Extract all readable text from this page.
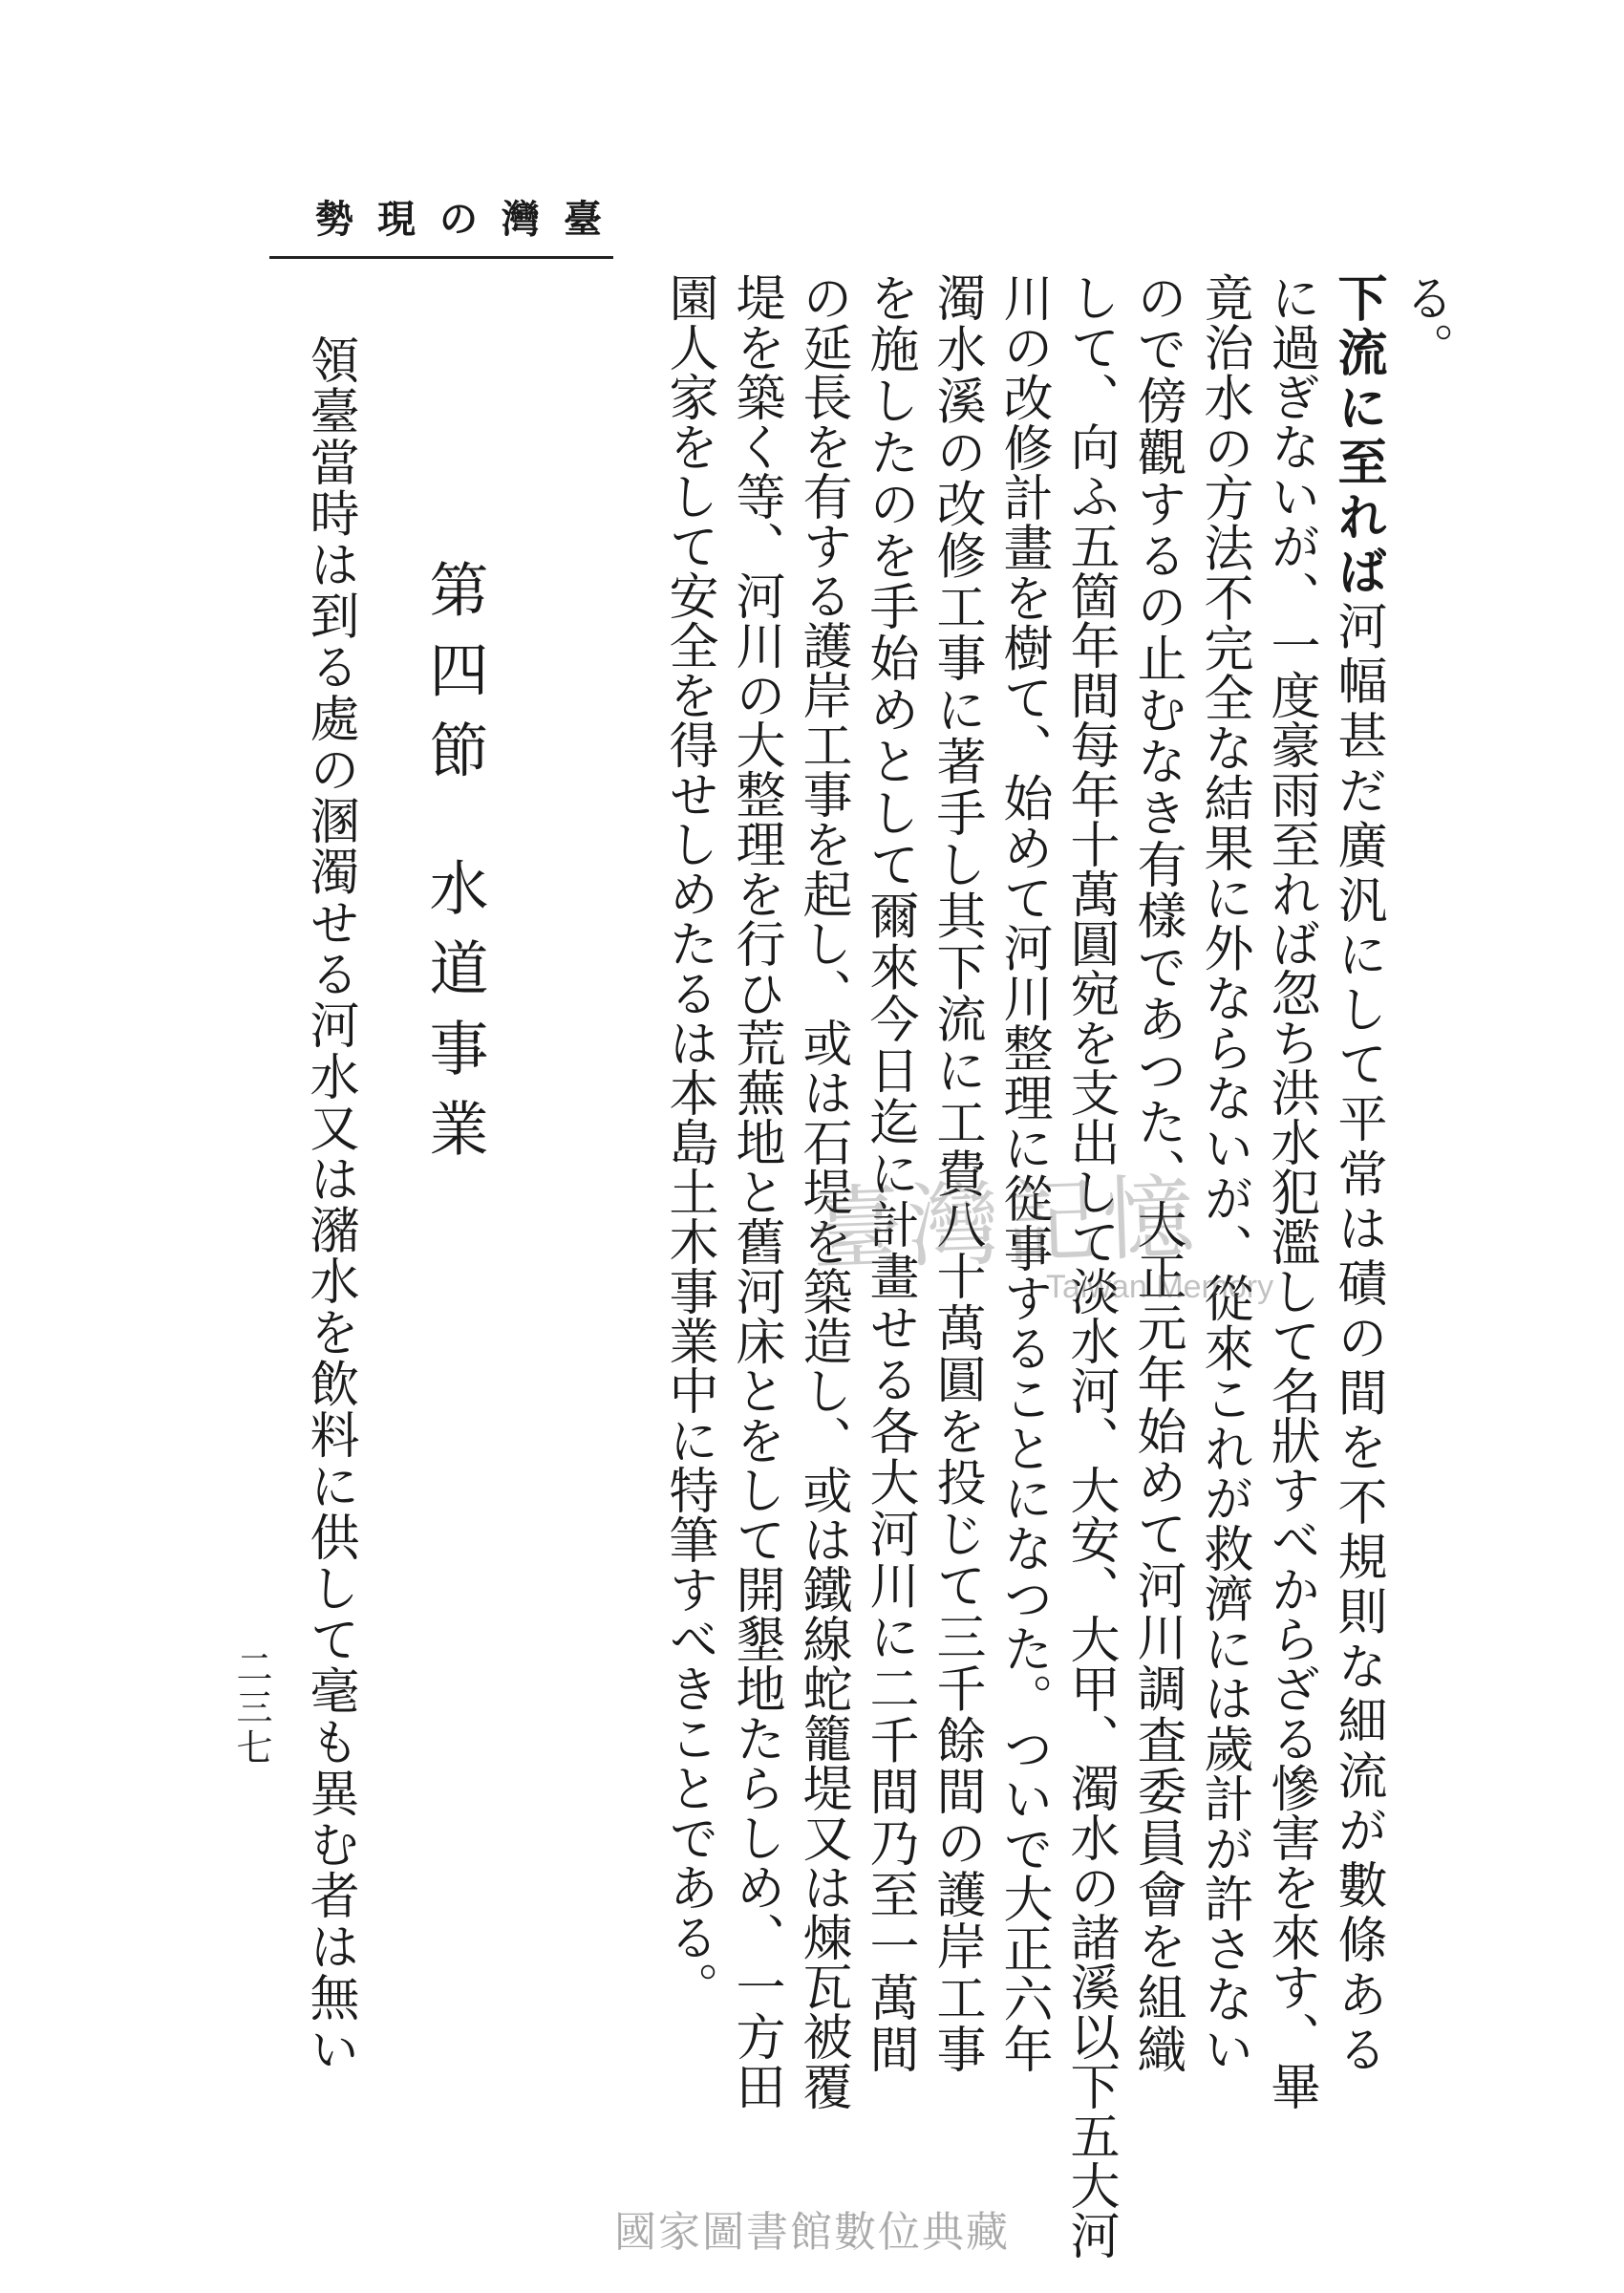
臺
灣
の
現
勢
る。
下流に至れば河幅甚だ廣汎にして平常は磧の間を不規則な細流が數條ある
に過ぎないが、一度豪雨至れば忽ち洪水犯濫して名狀すべからざる慘害を來す、畢
竟治水の方法不完全な結果に外ならないが、從來これが救濟には歲計が許さない
ので傍觀するの止むなき有樣であつた、大正元年始めて河川調査委員會を組織
して、向ふ五箇年間每年十萬圓宛を支出して淡水河、大安、大甲、濁水の諸溪以下五大河
川の改修計畫を樹て、始めて河川整理に從事することになつた。ついで大正六年
濁水溪の改修工事に著手し其下流に工費八十萬圓を投じて三千餘間の護岸工事
を施したのを手始めとして爾來今日迄に計畫せる各大河川に二千間乃至一萬間
の延長を有する護岸工事を起し、或は石堤を築造し、或は鐵線蛇籠堤又は煉瓦被覆
堤を築く等、河川の大整理を行ひ荒蕪地と舊河床とをして開墾地たらしめ、一方田
園人家をして安全を得せしめたるは本島土木事業中に特筆すべきことである。
第四節水道事業
領臺當時は到る處の溷濁せる河水又は瀦水を飲料に供して毫も異む者は無い
二三七
臺灣記憶
Taiwan Memory
國家圖書館數位典藏
